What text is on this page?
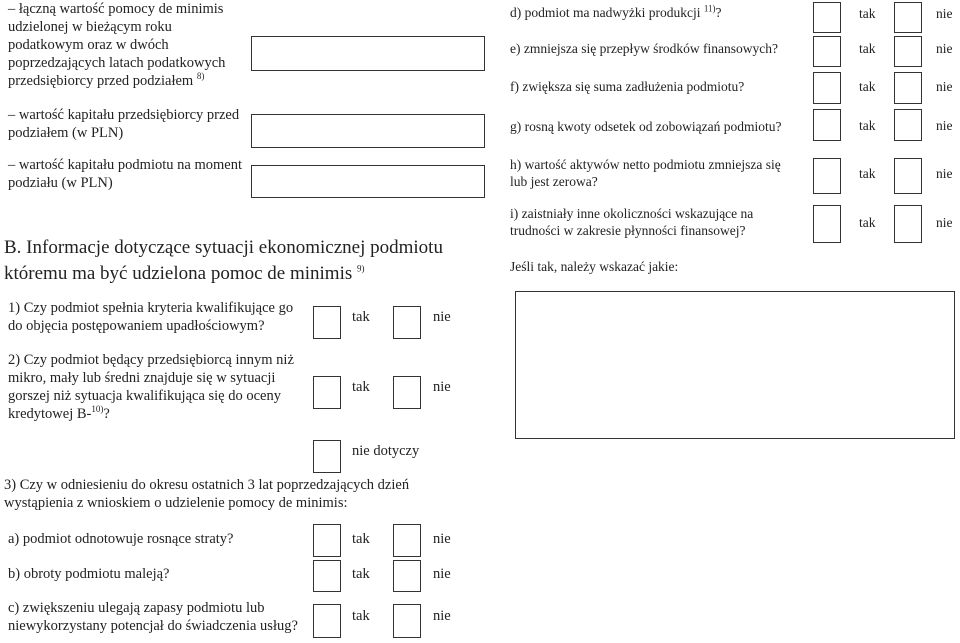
– łączną wartość pomocy de minimis
udzielonej w bieżącym roku
podatkowym oraz w dwóch
poprzedzających latach podatkowych
przedsiębiorcy przed podziałem $^{8)}$
– wartość kapitału przedsiębiorcy przed
podziałem (w PLN)
– wartość kapitału podmiotu na moment
podziału (w PLN)
B. Informacje dotyczące sytuacji ekonomicznej podmiotu
któremu ma być udzielona pomoc de minimis $^{9)}$
1) Czy podmiot spełnia kryteria kwalifikujące go
do objęcia postępowaniem upadłościowym?
tak	nie
2) Czy podmiot będący przedsiębiorcą innym niż
mikro, mały lub średni znajduje się w sytuacji
gorszej niż sytuacja kwalifikująca się do oceny
kredytowej B-$^{10)}$?
tak	nie
nie dotyczy
3) Czy w odniesieniu do okresu ostatnich 3 lat poprzedzających dzień
wystąpienia z wnioskiem o udzielenie pomocy de minimis:
a) podmiot odnotowuje rosnące straty?	tak	nie
b) obroty podmiotu maleją?	tak	nie
c) zwiększeniu ulegają zapasy podmiotu lub
niewykorzystany potencjał do świadczenia usług?
tak	nie
d) podmiot ma nadwyżki produkcji $^{11)}$?	tak	nie
e) zmniejsza się przepływ środków finansowych?	tak	nie
f) zwiększa się suma zadłużenia podmiotu?	tak	nie
g) rosną kwoty odsetek od zobowiązań podmiotu?	tak	nie
h) wartość aktywów netto podmiotu zmniejsza się
lub jest zerowa?
tak	nie
i) zaistniały inne okoliczności wskazujące na
trudności w zakresie płynności finansowej?
tak	nie
Jeśli tak, należy wskazać jakie:
